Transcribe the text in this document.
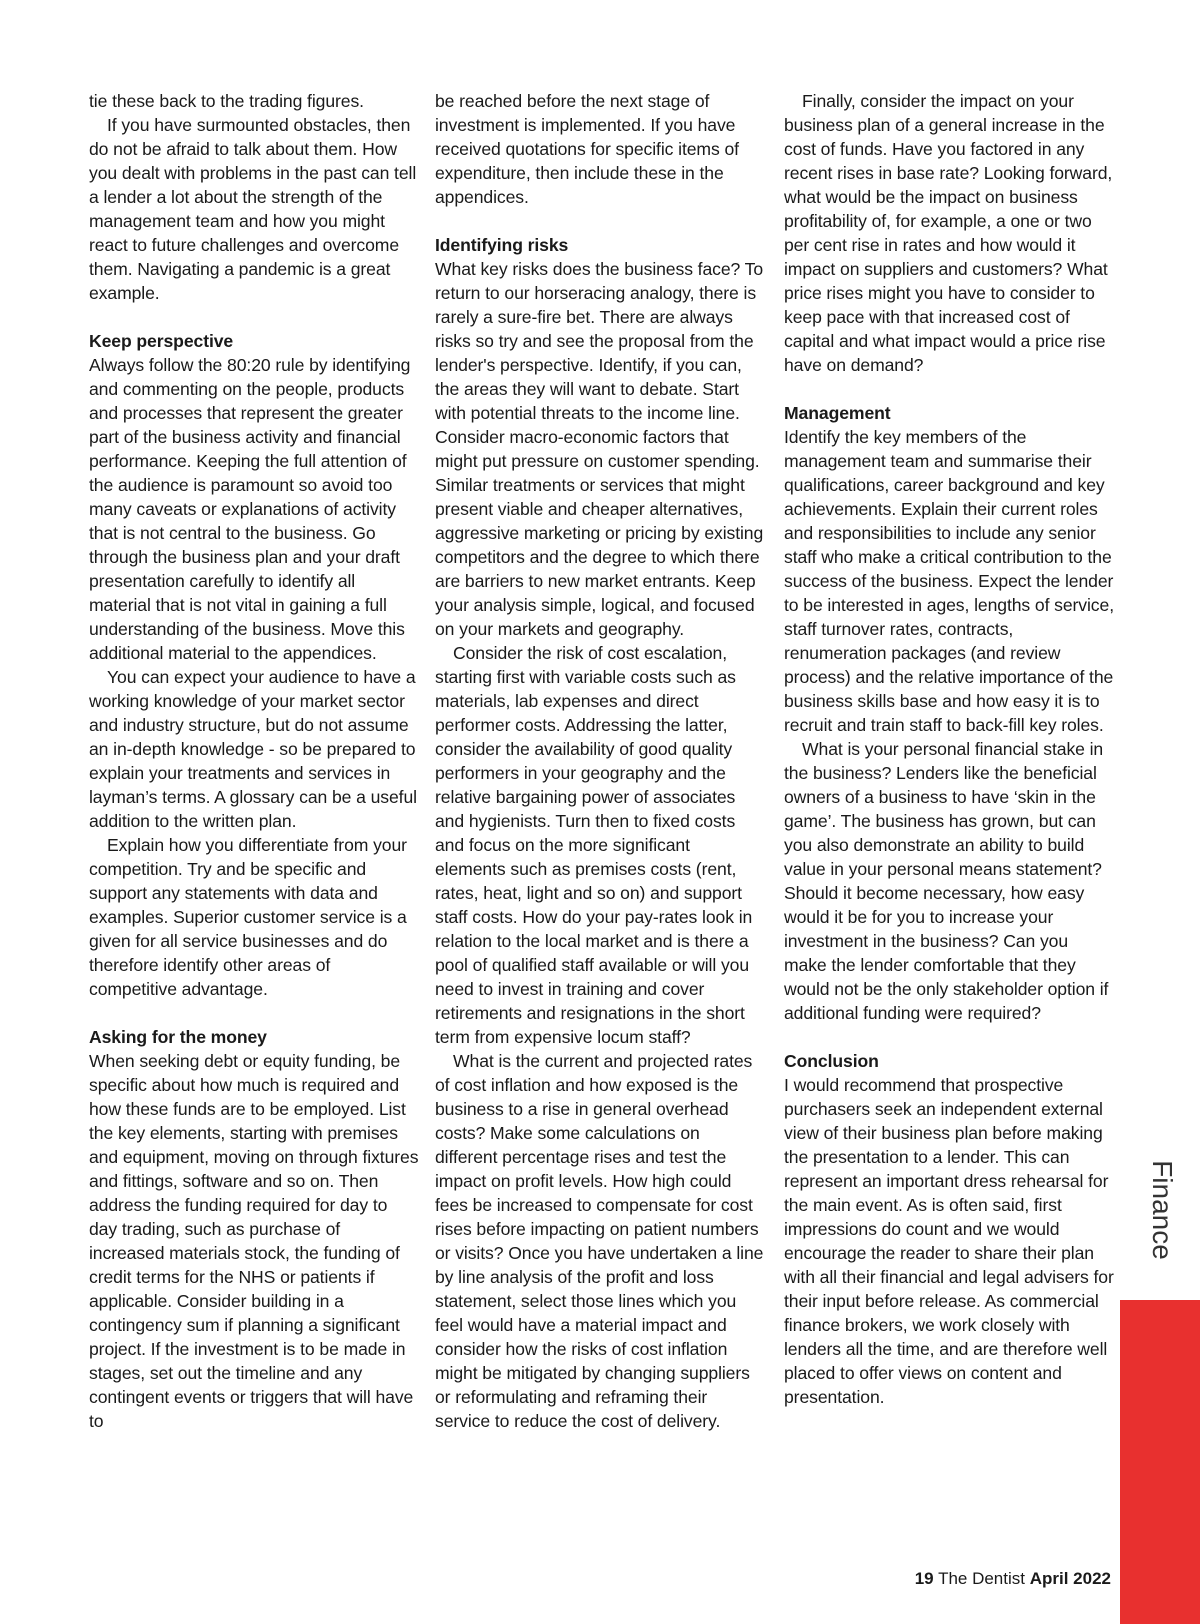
tie these back to the trading figures.

If you have surmounted obstacles, then do not be afraid to talk about them. How you dealt with problems in the past can tell a lender a lot about the strength of the management team and how you might react to future challenges and overcome them. Navigating a pandemic is a great example.

Keep perspective

Always follow the 80:20 rule by identifying and commenting on the people, products and processes that represent the greater part of the business activity and financial performance. Keeping the full attention of the audience is paramount so avoid too many caveats or explanations of activity that is not central to the business. Go through the business plan and your draft presentation carefully to identify all material that is not vital in gaining a full understanding of the business. Move this additional material to the appendices.

You can expect your audience to have a working knowledge of your market sector and industry structure, but do not assume an in-depth knowledge - so be prepared to explain your treatments and services in layman’s terms. A glossary can be a useful addition to the written plan.

Explain how you differentiate from your competition. Try and be specific and support any statements with data and examples. Superior customer service is a given for all service businesses and do therefore identify other areas of competitive advantage.

Asking for the money

When seeking debt or equity funding, be specific about how much is required and how these funds are to be employed. List the key elements, starting with premises and equipment, moving on through fixtures and fittings, software and so on. Then address the funding required for day to day trading, such as purchase of increased materials stock, the funding of credit terms for the NHS or patients if applicable. Consider building in a contingency sum if planning a significant project. If the investment is to be made in stages, set out the timeline and any contingent events or triggers that will have to

be reached before the next stage of investment is implemented. If you have received quotations for specific items of expenditure, then include these in the appendices.

Identifying risks

What key risks does the business face? To return to our horseracing analogy, there is rarely a sure-fire bet. There are always risks so try and see the proposal from the lender's perspective. Identify, if you can, the areas they will want to debate. Start with potential threats to the income line. Consider macro-economic factors that might put pressure on customer spending. Similar treatments or services that might present viable and cheaper alternatives, aggressive marketing or pricing by existing competitors and the degree to which there are barriers to new market entrants. Keep your analysis simple, logical, and focused on your markets and geography.

Consider the risk of cost escalation, starting first with variable costs such as materials, lab expenses and direct performer costs. Addressing the latter, consider the availability of good quality performers in your geography and the relative bargaining power of associates and hygienists. Turn then to fixed costs and focus on the more significant elements such as premises costs (rent, rates, heat, light and so on) and support staff costs. How do your pay-rates look in relation to the local market and is there a pool of qualified staff available or will you need to invest in training and cover retirements and resignations in the short term from expensive locum staff?

What is the current and projected rates of cost inflation and how exposed is the business to a rise in general overhead costs? Make some calculations on different percentage rises and test the impact on profit levels. How high could fees be increased to compensate for cost rises before impacting on patient numbers or visits? Once you have undertaken a line by line analysis of the profit and loss statement, select those lines which you feel would have a material impact and consider how the risks of cost inflation might be mitigated by changing suppliers or reformulating and reframing their service to reduce the cost of delivery.

Finally, consider the impact on your business plan of a general increase in the cost of funds. Have you factored in any recent rises in base rate? Looking forward, what would be the impact on business profitability of, for example, a one or two per cent rise in rates and how would it impact on suppliers and customers? What price rises might you have to consider to keep pace with that increased cost of capital and what impact would a price rise have on demand?

Management

Identify the key members of the management team and summarise their qualifications, career background and key achievements. Explain their current roles and responsibilities to include any senior staff who make a critical contribution to the success of the business. Expect the lender to be interested in ages, lengths of service, staff turnover rates, contracts, renumeration packages (and review process) and the relative importance of the business skills base and how easy it is to recruit and train staff to back-fill key roles.

What is your personal financial stake in the business? Lenders like the beneficial owners of a business to have ‘skin in the game’. The business has grown, but can you also demonstrate an ability to build value in your personal means statement? Should it become necessary, how easy would it be for you to increase your investment in the business? Can you make the lender comfortable that they would not be the only stakeholder option if additional funding were required?

Conclusion

I would recommend that prospective purchasers seek an independent external view of their business plan before making the presentation to a lender. This can represent an important dress rehearsal for the main event. As is often said, first impressions do count and we would encourage the reader to share their plan with all their financial and legal advisers for their input before release. As commercial finance brokers, we work closely with lenders all the time, and are therefore well placed to offer views on content and presentation.

Finance
19 The Dentist April 2022
